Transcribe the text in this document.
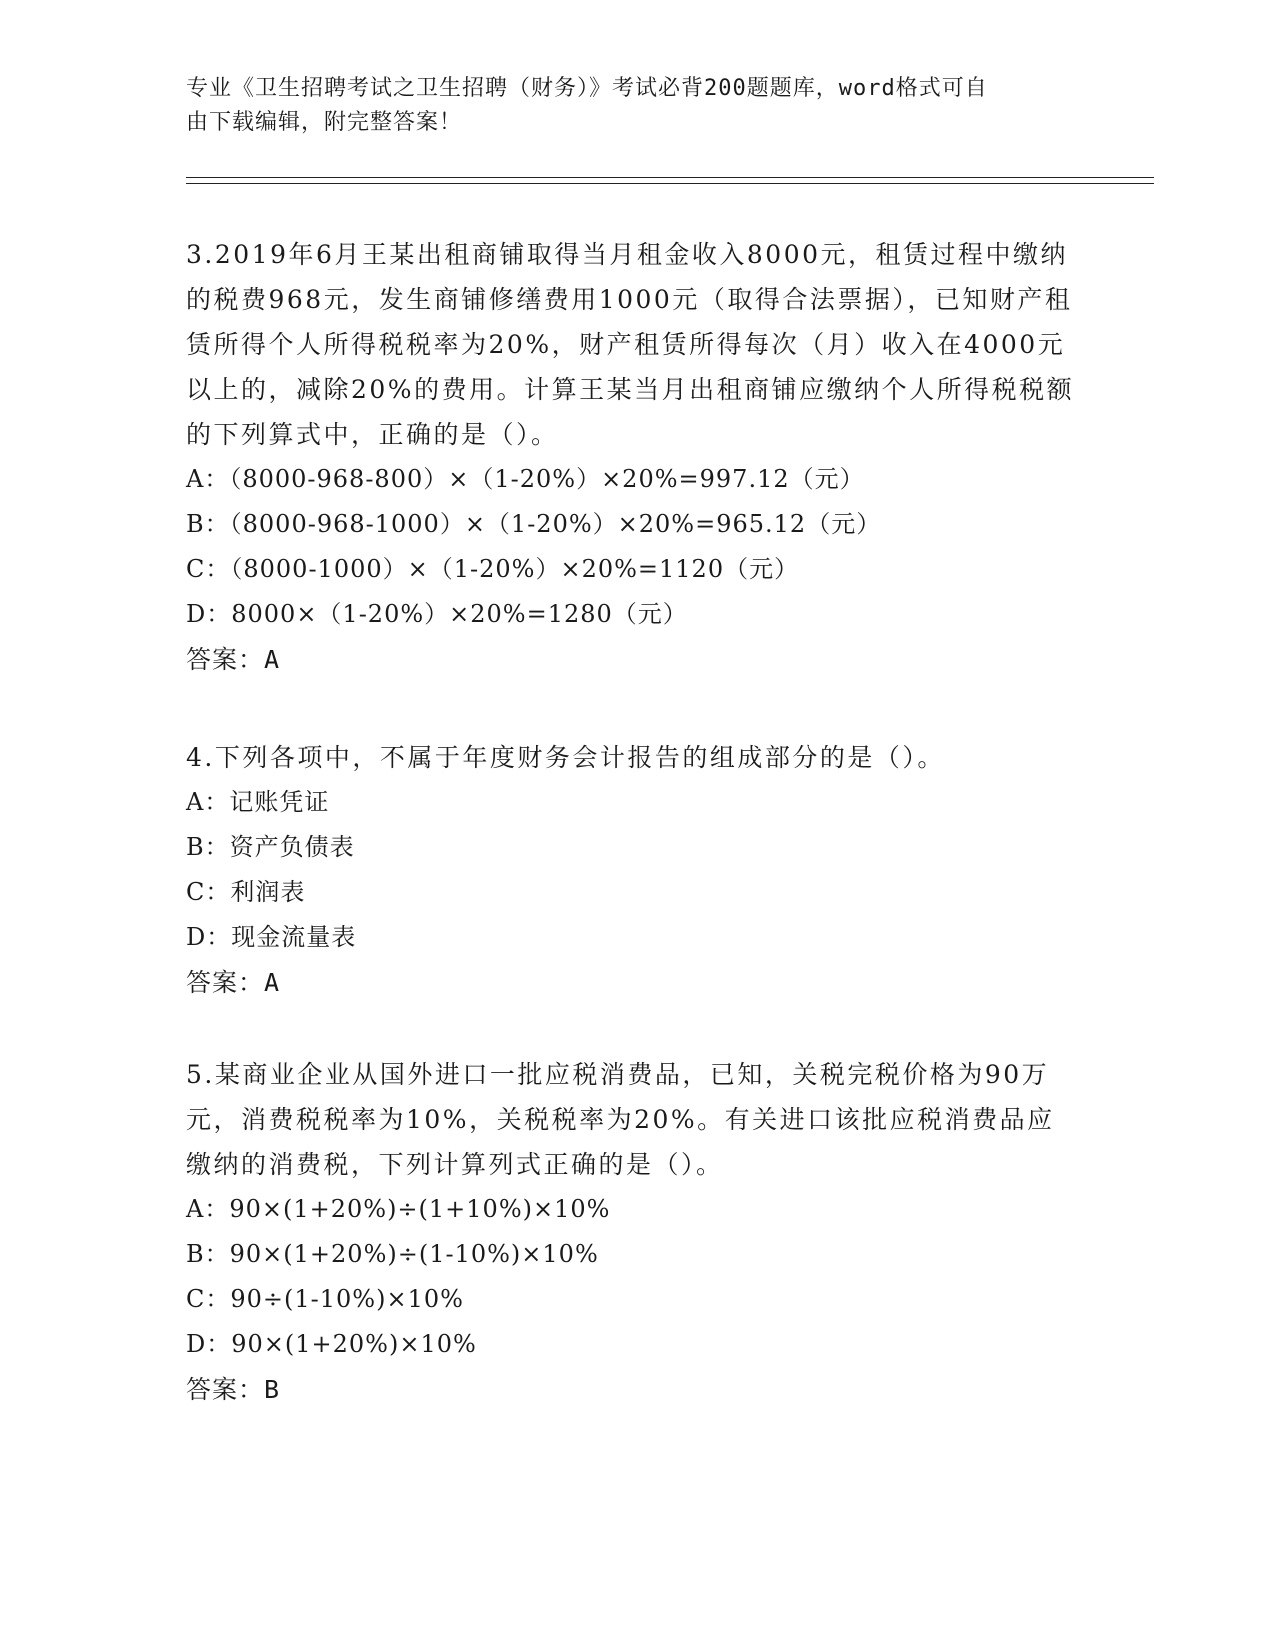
专业《卫生招聘考试之卫生招聘（财务）》考试必背200题题库，word格式可自
由下载编辑，附完整答案！

3.2019年6月王某出租商铺取得当月租金收入8000元，租赁过程中缴纳的税费968元，发生商铺修缮费用1000元（取得合法票据），已知财产租赁所得个人所得税税率为20%，财产租赁所得每次（月）收入在4000元以上的，减除20%的费用。计算王某当月出租商铺应缴纳个人所得税税额的下列算式中，正确的是（）。

A：（8000-968-800）×（1-20%）×20%=997.12（元）

B：（8000-968-1000）×（1-20%）×20%=965.12（元）

C：（8000-1000）×（1-20%）×20%=1120（元）

D：8000×（1-20%）×20%=1280（元）

答案：A

4.下列各项中，不属于年度财务会计报告的组成部分的是（）。

A：记账凭证

B：资产负债表

C：利润表

D：现金流量表

答案：A

5.某商业企业从国外进口一批应税消费品，已知，关税完税价格为90万元，消费税税率为10%，关税税率为20%。有关进口该批应税消费品应缴纳的消费税，下列计算列式正确的是（）。

A：90×(1+20%)÷(1+10%)×10%

B：90×(1+20%)÷(1-10%)×10%

C：90÷(1-10%)×10%

D：90×(1+20%)×10%

答案：B
